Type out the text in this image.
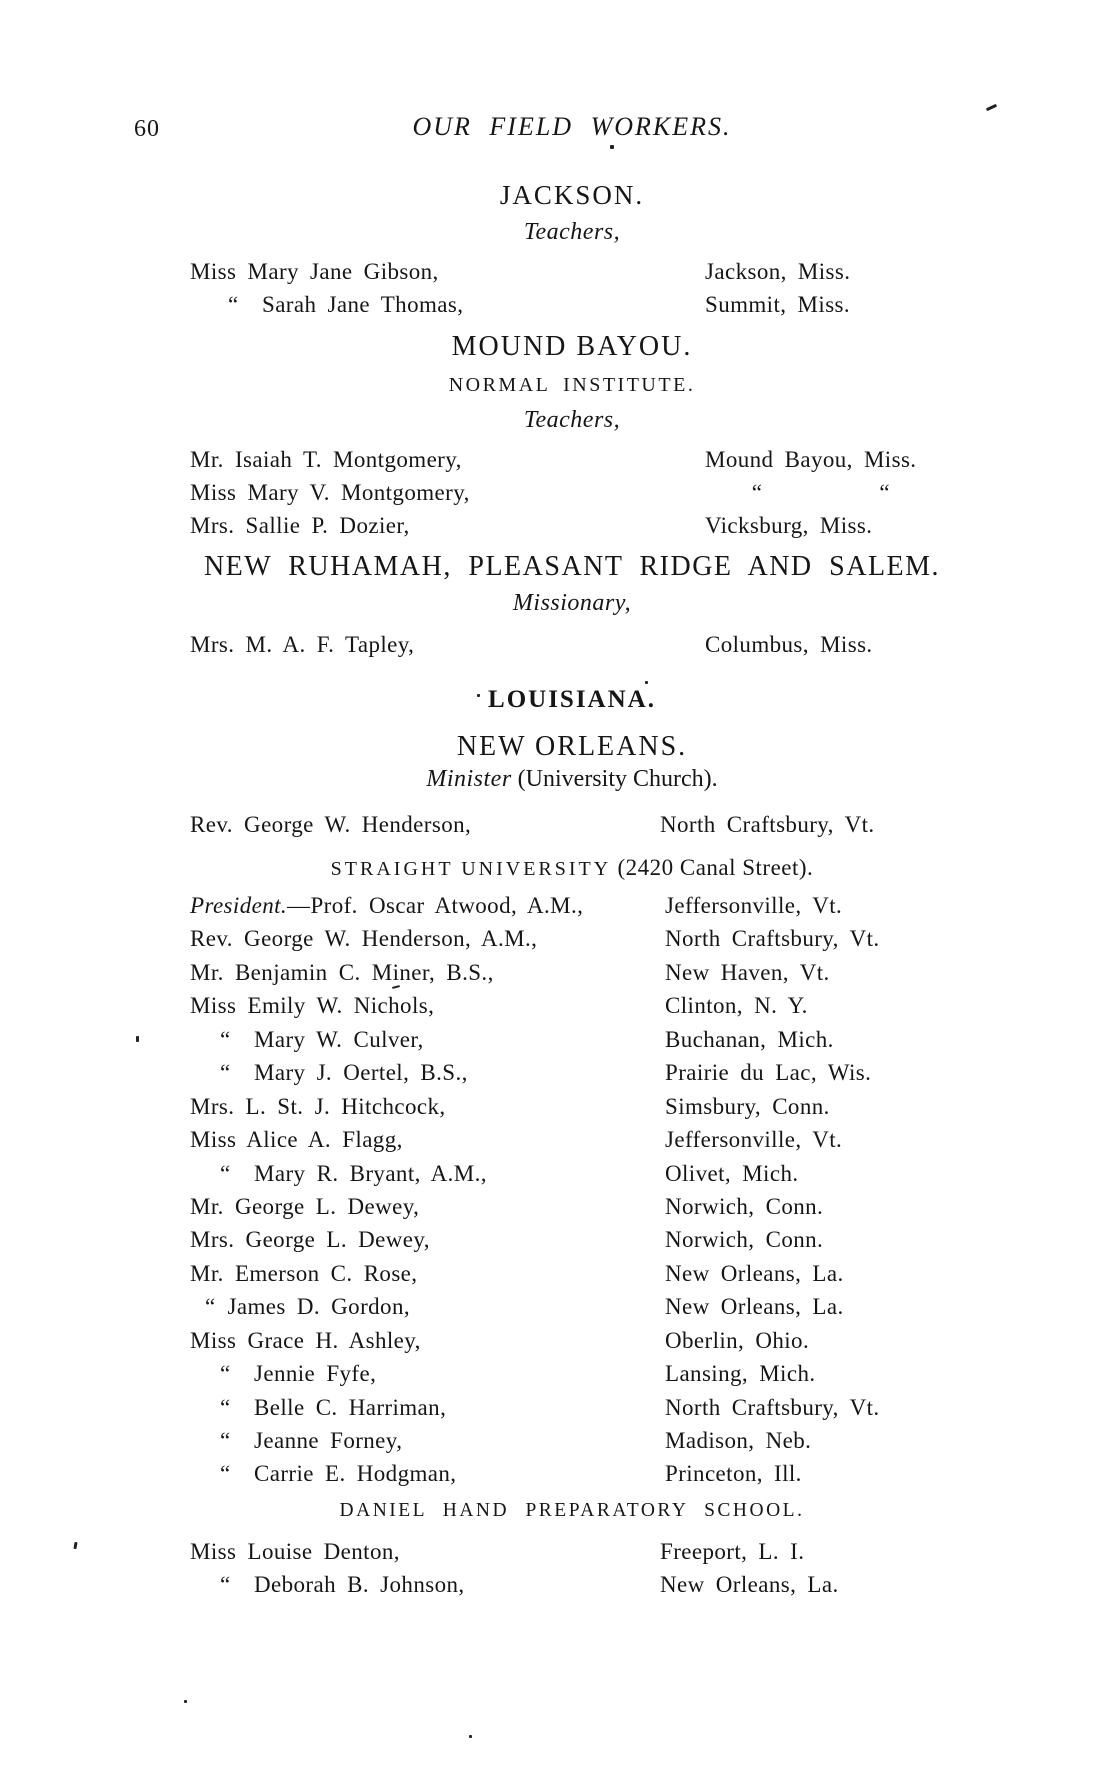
60	OUR FIELD WORKERS.
JACKSON.
Teachers,
Miss Mary Jane Gibson,	Jackson, Miss.
“ Sarah Jane Thomas,	Summit, Miss.
MOUND BAYOU.
NORMAL INSTITUTE.
Teachers,
Mr. Isaiah T. Montgomery,	Mound Bayou, Miss.
Miss Mary V. Montgomery,	  “     “
Mrs. Sallie P. Dozier,	Vicksburg, Miss.
NEW RUHAMAH, PLEASANT RIDGE AND SALEM.
Missionary,
Mrs. M. A. F. Tapley,	Columbus, Miss.
LOUISIANA.
NEW ORLEANS.
Minister (University Church).
Rev. George W. Henderson,	North Craftsbury, Vt.
STRAIGHT UNIVERSITY (2420 Canal Street).
President.—Prof. Oscar Atwood, A.M.,	Jeffersonville, Vt.
Rev. George W. Henderson, A.M.,	North Craftsbury, Vt.
Mr. Benjamin C. Miner, B.S.,	New Haven, Vt.
Miss Emily W. Nichols,	Clinton, N. Y.
“ Mary W. Culver,	Buchanan, Mich.
“ Mary J. Oertel, B.S.,	Prairie du Lac, Wis.
Mrs. L. St. J. Hitchcock,	Simsbury, Conn.
Miss Alice A. Flagg,	Jeffersonville, Vt.
“ Mary R. Bryant, A.M.,	Olivet, Mich.
Mr. George L. Dewey,	Norwich, Conn.
Mrs. George L. Dewey,	Norwich, Conn.
Mr. Emerson C. Rose,	New Orleans, La.
“ James D. Gordon,	New Orleans, La.
Miss Grace H. Ashley,	Oberlin, Ohio.
“ Jennie Fyfe,	Lansing, Mich.
“ Belle C. Harriman,	North Craftsbury, Vt.
“ Jeanne Forney,	Madison, Neb.
“ Carrie E. Hodgman,	Princeton, Ill.
DANIEL HAND PREPARATORY SCHOOL.
Miss Louise Denton,	Freeport, L. I.
“ Deborah B. Johnson,	New Orleans, La.
